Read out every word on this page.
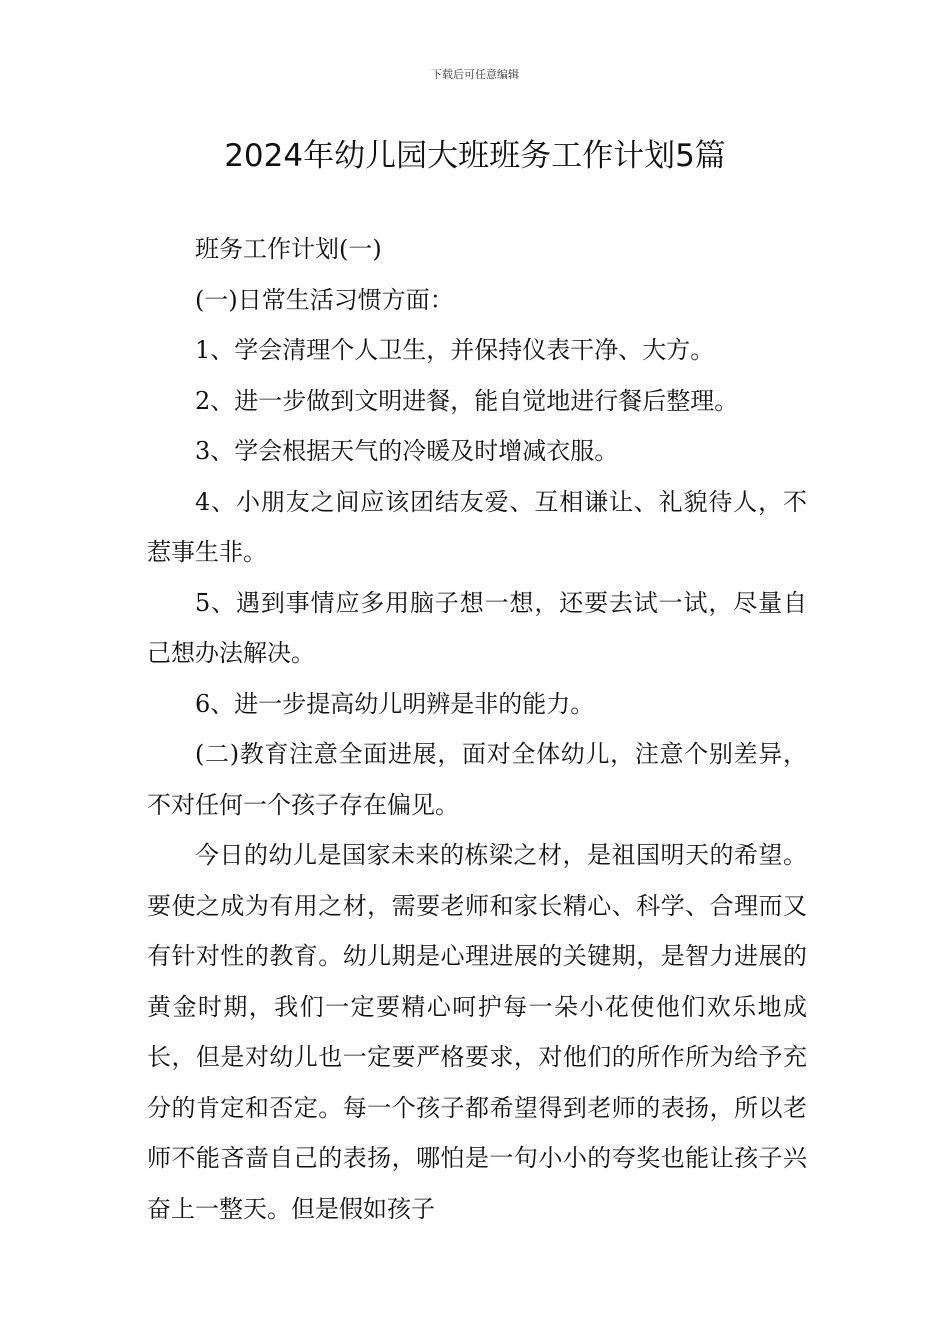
下载后可任意编辑
2024年幼儿园大班班务工作计划5篇

班务工作计划(一)

(一)日常生活习惯方面：

1、学会清理个人卫生，并保持仪表干净、大方。

2、进一步做到文明进餐，能自觉地进行餐后整理。

3、学会根据天气的冷暖及时增减衣服。

4、小朋友之间应该团结友爱、互相谦让、礼貌待人，不惹事生非。

5、遇到事情应多用脑子想一想，还要去试一试，尽量自己想办法解决。

6、进一步提高幼儿明辨是非的能力。

(二)教育注意全面进展，面对全体幼儿，注意个别差异，不对任何一个孩子存在偏见。

今日的幼儿是国家未来的栋梁之材，是祖国明天的希望。要使之成为有用之材，需要老师和家长精心、科学、合理而又有针对性的教育。幼儿期是心理进展的关键期，是智力进展的黄金时期，我们一定要精心呵护每一朵小花使他们欢乐地成长，但是对幼儿也一定要严格要求，对他们的所作所为给予充分的肯定和否定。每一个孩子都希望得到老师的表扬，所以老师不能吝啬自己的表扬，哪怕是一句小小的夸奖也能让孩子兴奋上一整天。但是假如孩子
